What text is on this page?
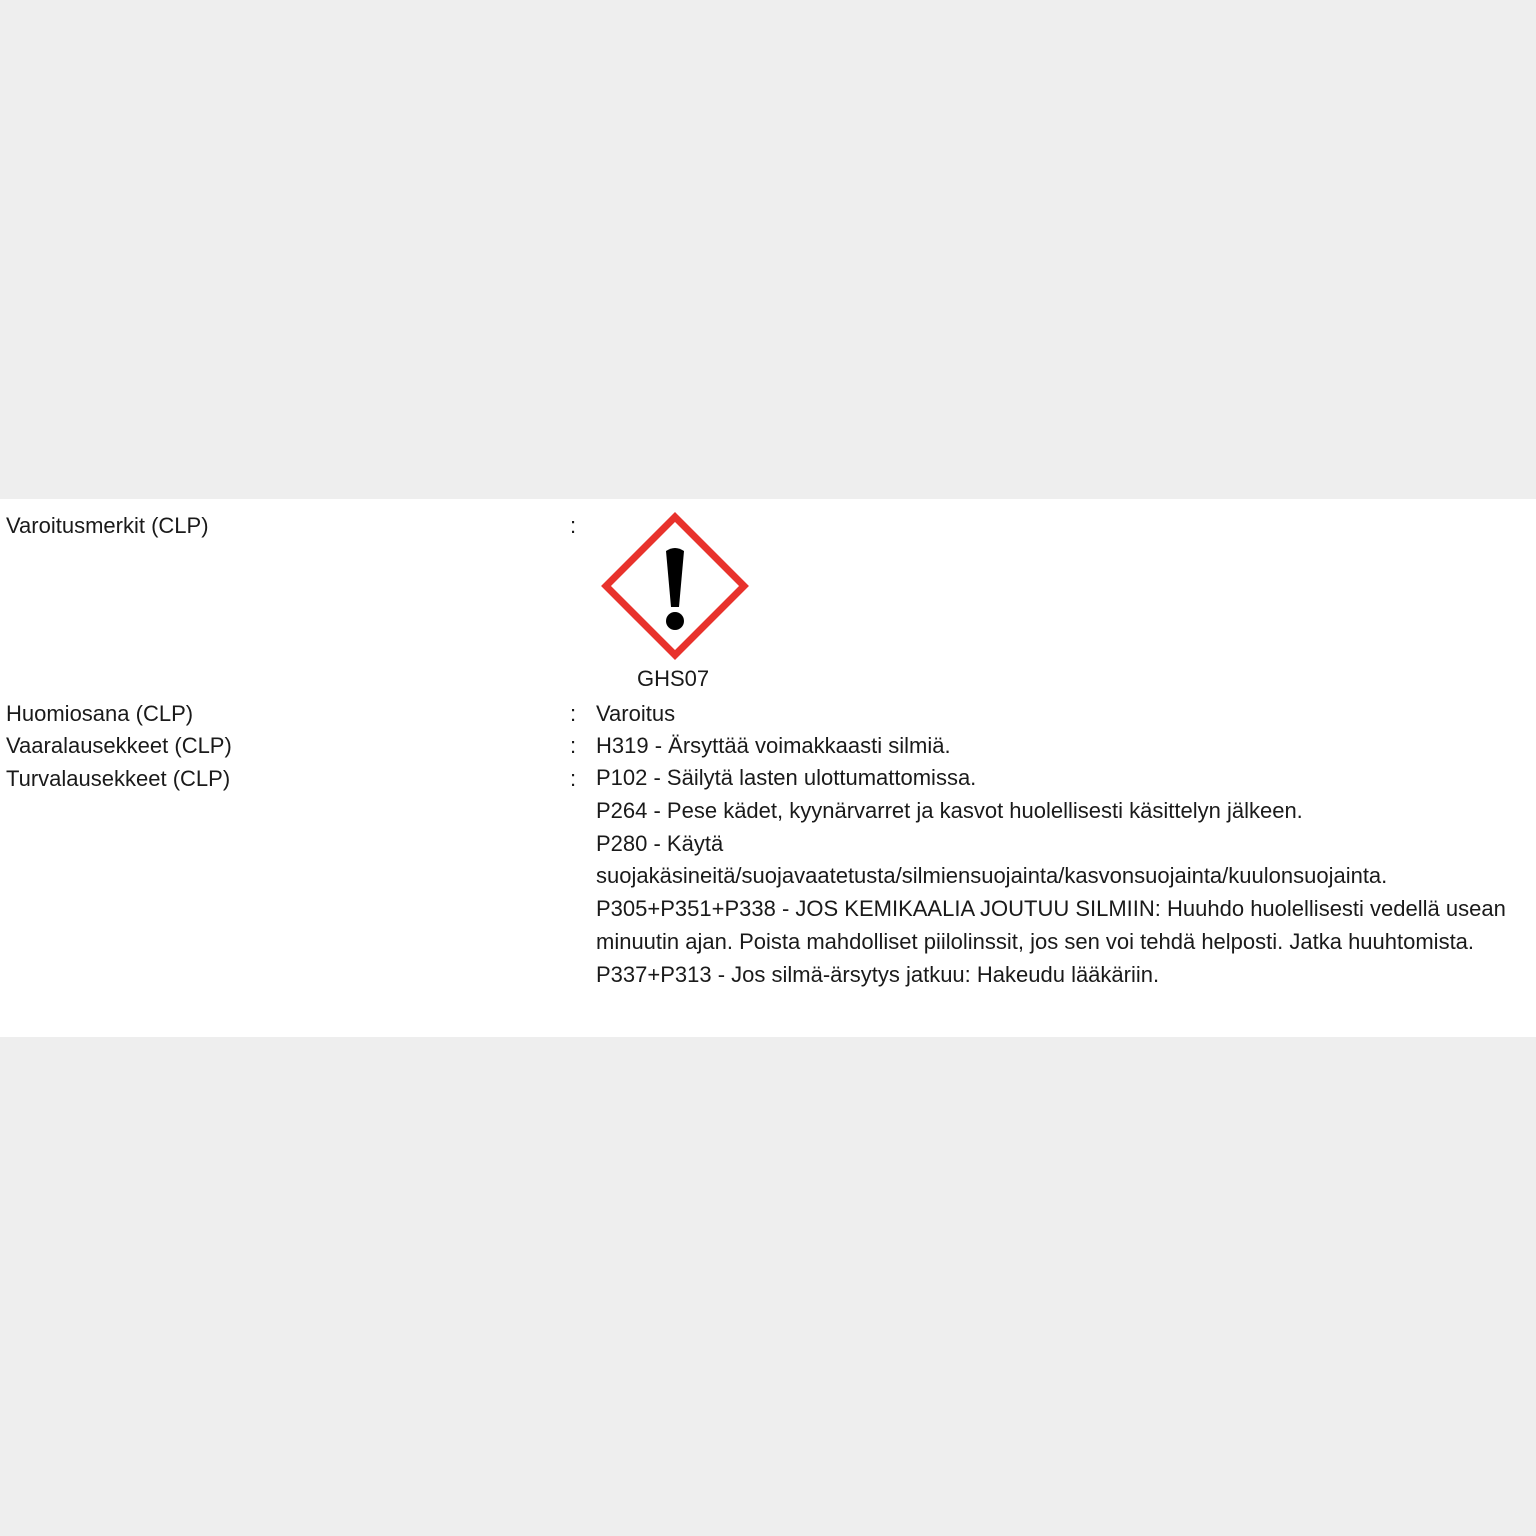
Varoitusmerkit (CLP)	:
GHS07
Huomiosana (CLP)	: Varoitus
Vaaralausekkeet (CLP)	: H319 - Ärsyttää voimakkaasti silmiä.
Turvalausekkeet (CLP)	: P102 - Säilytä lasten ulottumattomissa.
P264 - Pese kädet, kyynärvarret ja kasvot huolellisesti käsittelyn jälkeen.
P280 - Käytä suojakäsineitä/suojavaatetusta/silmiensuojainta/kasvonsuojainta/kuulonsuojainta.
P305+P351+P338 - JOS KEMIKAALIA JOUTUU SILMIIN: Huuhdo huolellisesti vedellä usean minuutin ajan. Poista mahdolliset piilolinssit, jos sen voi tehdä helposti. Jatka huuhtomista.
P337+P313 - Jos silmä-ärsytys jatkuu: Hakeudu lääkäriin.
